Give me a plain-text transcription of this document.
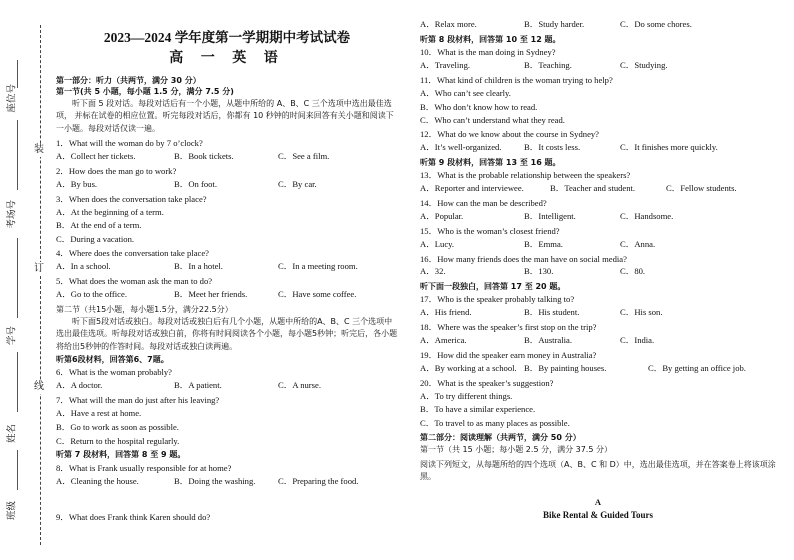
座位号
考场号
学号
姓名
班级
装
订
线
2023—2024 学年度第一学期期中考试试卷
高 一 英 语
第一部分：听力（共两节，满分 30 分）
第一节(共 5 小题，每小题 1.5 分，满分 7.5 分)
听下面 5 段对话。每段对话后有一个小题，从题中所给的 A、B、C 三个选项中选出最佳选项， 并标在试卷的相应位置。听完每段对话后，你都有 10 秒钟的时间来回答有关小题和阅读下一小题。每段对话仅读一遍。
1．What will the woman do by 7 o’clock?
A．Collect her tickets.	B．Book tickets.	C．See a film.
2．How does the man go to work?
A．By bus.	B．On foot.	C．By car.
3．When does the conversation take place?
A．At the beginning of a term.
B．At the end of a term.
C．During a vacation.
4．Where does the conversation take place?
A．In a school.	B．In a hotel.	C．In a meeting room.
5．What does the woman ask the man to do?
A．Go to the office.	B．Meet her friends.	C．Have some coffee.
第二节（共15小题，每小题1.5分，满分22.5分）
听下面5段对话或独白。每段对话或独白后有几个小题，从题中所给的A、B、C 三个选项中选出最佳选项。听每段对话或独白前，你将有时间阅读各个小题，每小题5秒钟；听完后，各小题将给出5秒钟的作答时间。每段对话或独白读两遍。
听第6段材料，回答第6、7题。
6．What is the woman probably?
A．A doctor.	B．A patient.	C．A nurse.
7．What will the man do just after his leaving?
A．Have a rest at home.
B．Go to work as soon as possible.
C．Return to the hospital regularly.
听第 7 段材料，回答第 8 至 9 题。
8．What is Frank usually responsible for at home?
A．Cleaning the house.	B．Doing the washing.	C．Preparing the food.
9．What does Frank think Karen should do?
A．Relax more.	B．Study harder.	C．Do some chores.
听第 8 段材料，回答第 10 至 12 题。
10．What is the man doing in Sydney?
A．Traveling.	B．Teaching.	C．Studying.
11．What kind of children is the woman trying to help?
A．Who can’t see clearly.
B．Who don’t know how to read.
C．Who can’t understand what they read.
12．What do we know about the course in Sydney?
A．It’s well-organized.	B．It costs less.	C．It finishes more quickly.
听第 9 段材料，回答第 13 至 16 题。
13．What is the probable relationship between the speakers?
A．Reporter and interviewee.	B．Teacher and student.	C．Fellow students.
14．How can the man be described?
A．Popular.	B．Intelligent.	C．Handsome.
15．Who is the woman’s closest friend?
A．Lucy.	B．Emma.	C．Anna.
16．How many friends does the man have on social media?
A．32.	B．130.	C．80.
听下面一段独白，回答第 17 至 20 题。
17．Who is the speaker probably talking to?
A．His friend.	B．His student.	C．His son.
18．Where was the speaker’s first stop on the trip?
A．America.	B．Australia.	C．India.
19．How did the speaker earn money in Australia?
A．By working at a school. B．By painting houses.	C．By getting an office job.
20．What is the speaker’s suggestion?
A．To try different things.
B．To have a similar experience.
C．To travel to as many places as possible.
第二部分：阅读理解（共两节，满分 50 分）
第一节（共 15 小题；每小题 2.5 分，满分 37.5 分）
阅读下列短文，从每题所给的四个选项（A、B、C 和 D）中，选出最佳选项，并在答案卷上将该项涂黑。
A
Bike Rental & Guided Tours
